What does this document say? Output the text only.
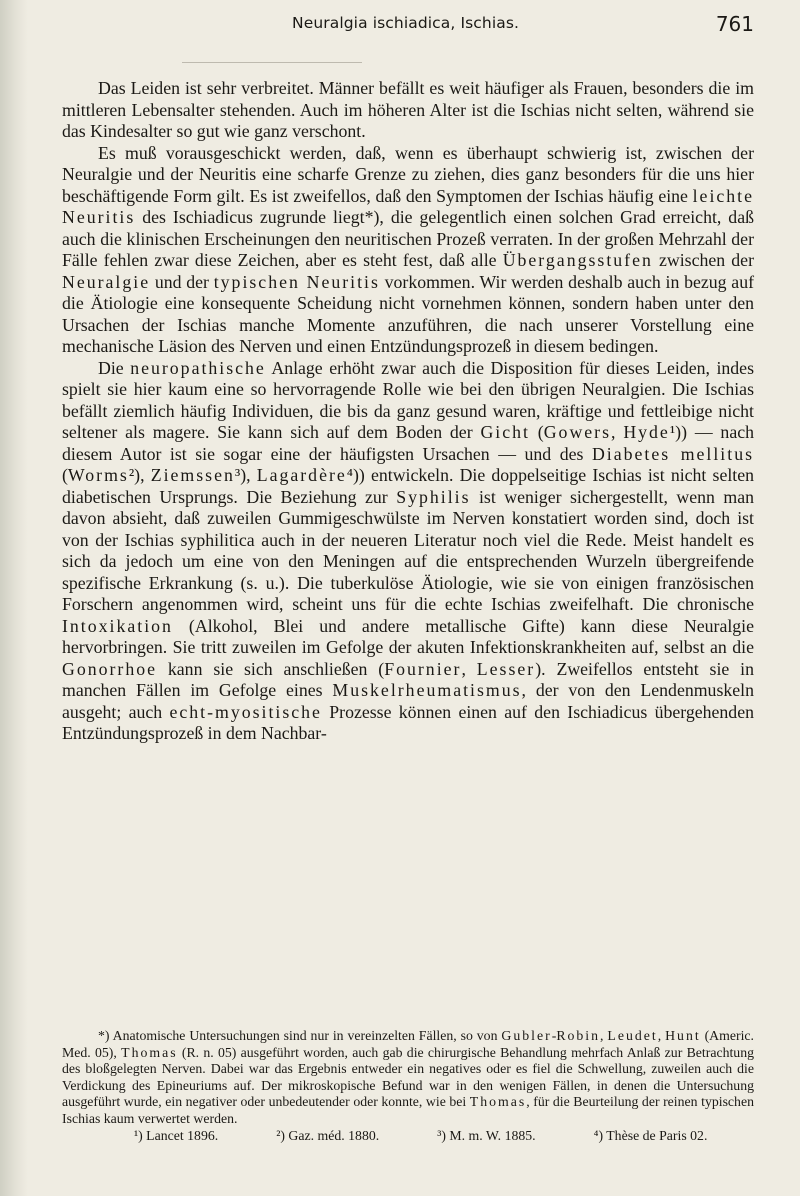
Neuralgia ischiadica, Ischias.	761

Das Leiden ist sehr verbreitet. Männer befällt es weit häufiger als Frauen, besonders die im mittleren Lebensalter stehenden. Auch im höheren Alter ist die Ischias nicht selten, während sie das Kindesalter so gut wie ganz verschont.

Es muß vorausgeschickt werden, daß, wenn es überhaupt schwierig ist, zwischen der Neuralgie und der Neuritis eine scharfe Grenze zu ziehen, dies ganz besonders für die uns hier beschäftigende Form gilt. Es ist zweifellos, daß den Symptomen der Ischias häufig eine leichte Neuritis des Ischiadicus zugrunde liegt*), die gelegentlich einen solchen Grad erreicht, daß auch die klinischen Erscheinungen den neuritischen Prozeß verraten. In der großen Mehrzahl der Fälle fehlen zwar diese Zeichen, aber es steht fest, daß alle Übergangsstufen zwischen der Neuralgie und der typischen Neuritis vorkommen. Wir werden deshalb auch in bezug auf die Ätiologie eine konsequente Scheidung nicht vornehmen können, sondern haben unter den Ursachen der Ischias manche Momente anzuführen, die nach unserer Vorstellung eine mechanische Läsion des Nerven und einen Entzündungsprozeß in diesem bedingen.

Die neuropathische Anlage erhöht zwar auch die Disposition für dieses Leiden, indes spielt sie hier kaum eine so hervorragende Rolle wie bei den übrigen Neuralgien. Die Ischias befällt ziemlich häufig Individuen, die bis da ganz gesund waren, kräftige und fettleibige nicht seltener als magere. Sie kann sich auf dem Boden der Gicht (Gowers, Hyde¹)) — nach diesem Autor ist sie sogar eine der häufigsten Ursachen — und des Diabetes mellitus (Worms²), Ziemssen³), Lagardère⁴)) entwickeln. Die doppelseitige Ischias ist nicht selten diabetischen Ursprungs. Die Beziehung zur Syphilis ist weniger sichergestellt, wenn man davon absieht, daß zuweilen Gummigeschwülste im Nerven konstatiert worden sind, doch ist von der Ischias syphilitica auch in der neueren Literatur noch viel die Rede. Meist handelt es sich da jedoch um eine von den Meningen auf die entsprechenden Wurzeln übergreifende spezifische Erkrankung (s. u.). Die tuberkulöse Ätiologie, wie sie von einigen französischen Forschern angenommen wird, scheint uns für die echte Ischias zweifelhaft. Die chronische Intoxikation (Alkohol, Blei und andere metallische Gifte) kann diese Neuralgie hervorbringen. Sie tritt zuweilen im Gefolge der akuten Infektionskrankheiten auf, selbst an die Gonorrhoe kann sie sich anschließen (Fournier, Lesser). Zweifellos entsteht sie in manchen Fällen im Gefolge eines Muskelrheumatismus, der von den Lendenmuskeln ausgeht; auch echt-myositische Prozesse können einen auf den Ischiadicus übergehenden Entzündungsprozeß in dem Nachbar-

*) Anatomische Untersuchungen sind nur in vereinzelten Fällen, so von Gubler-Robin, Leudet, Hunt (Americ. Med. 05), Thomas (R. n. 05) ausgeführt worden, auch gab die chirurgische Behandlung mehrfach Anlaß zur Betrachtung des bloßgelegten Nerven. Dabei war das Ergebnis entweder ein negatives oder es fiel die Schwellung, zuweilen auch die Verdickung des Epineuriums auf. Der mikroskopische Befund war in den wenigen Fällen, in denen die Untersuchung ausgeführt wurde, ein negativer oder unbedeutender oder konnte, wie bei Thomas, für die Beurteilung der reinen typischen Ischias kaum verwertet werden.

¹) Lancet 1896.	²) Gaz. méd. 1880.	³) M. m. W. 1885.	⁴) Thèse de Paris 02.
